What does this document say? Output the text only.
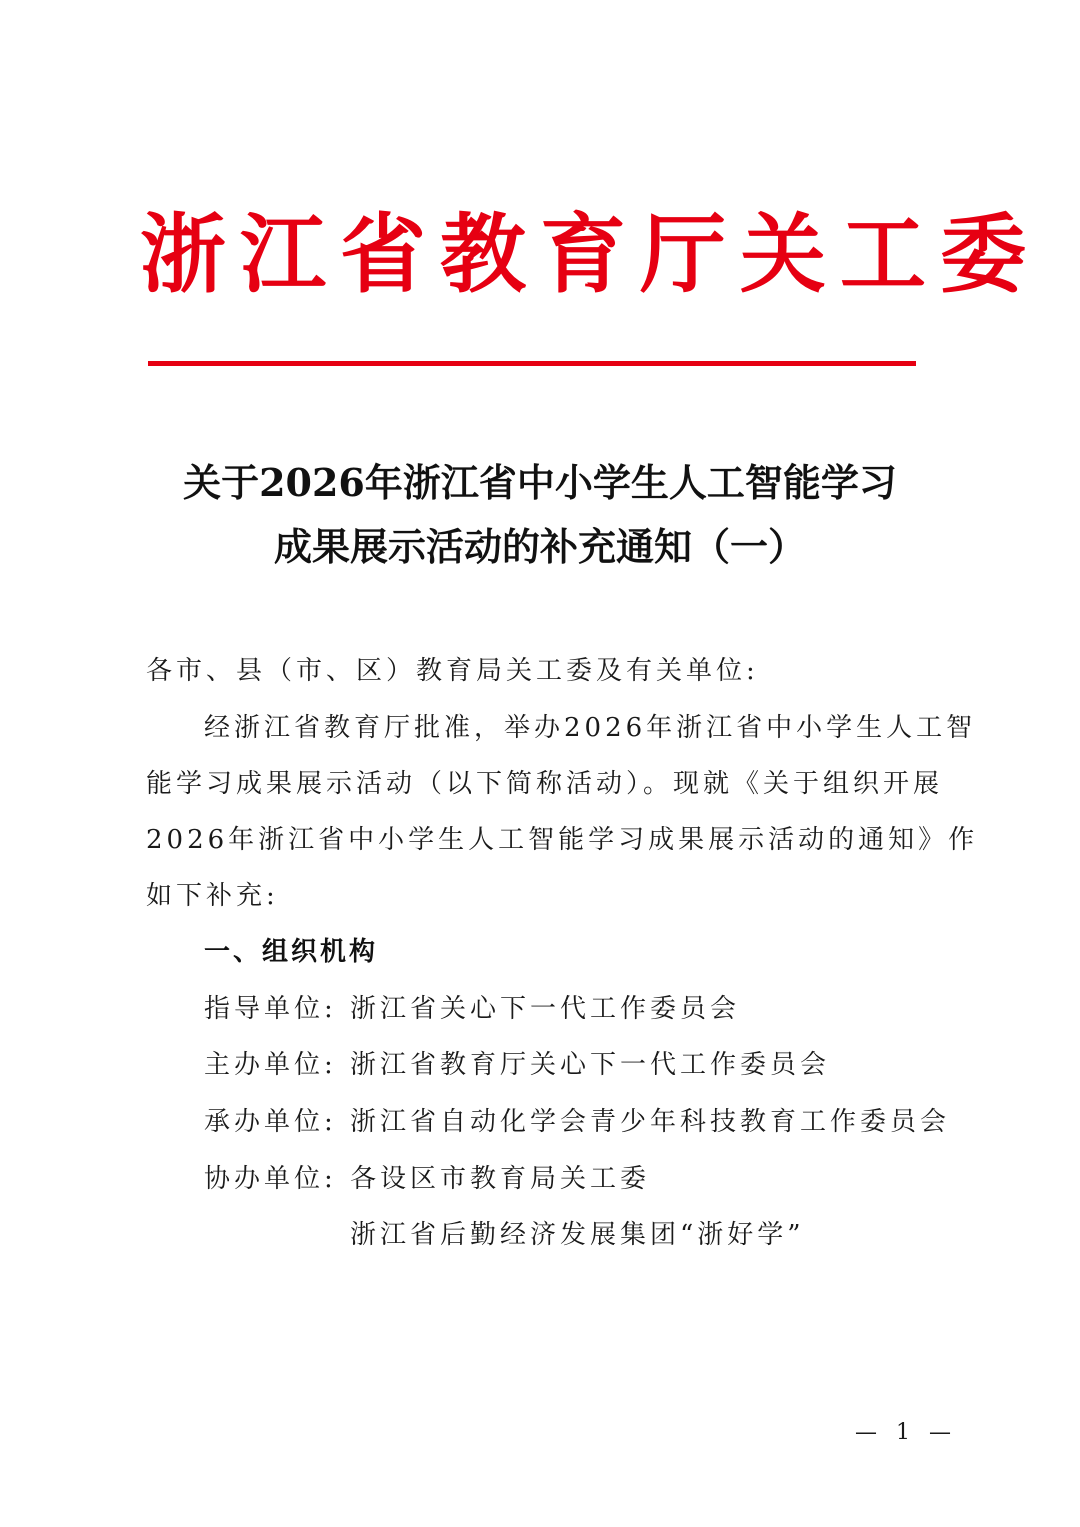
浙江省教育厅关工委
关于2026年浙江省中小学生人工智能学习
成果展示活动的补充通知（一）
各市、县（市、区）教育局关工委及有关单位:
经浙江省教育厅批准，举办2026年浙江省中小学生人工智
能学习成果展示活动（以下简称活动）。现就《关于组织开展
2026年浙江省中小学生人工智能学习成果展示活动的通知》作
如下补充:
一、组织机构
指导单位: 浙江省关心下一代工作委员会
主办单位: 浙江省教育厅关心下一代工作委员会
承办单位: 浙江省自动化学会青少年科技教育工作委员会
协办单位: 各设区市教育局关工委
浙江省后勤经济发展集团“浙好学”
— 1 —
